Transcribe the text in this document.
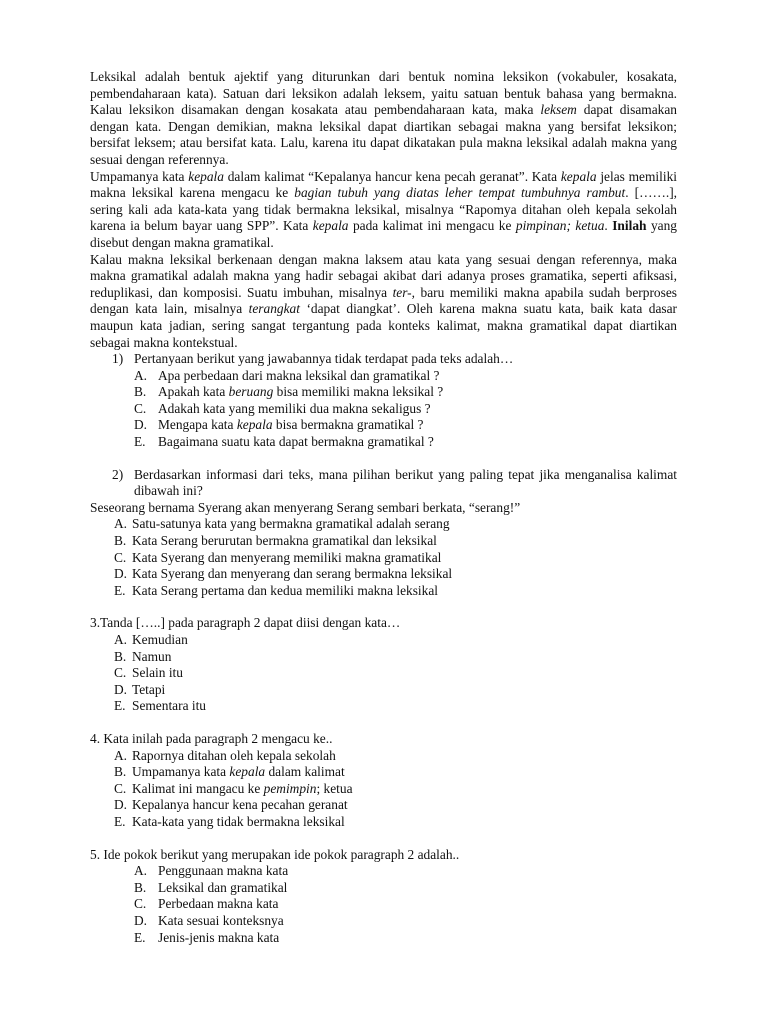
Leksikal adalah bentuk ajektif yang diturunkan dari bentuk nomina leksikon (vokabuler, kosakata, pembendaharaan kata). Satuan dari leksikon adalah leksem, yaitu satuan bentuk bahasa yang bermakna. Kalau leksikon disamakan dengan kosakata atau pembendaharaan kata, maka leksem dapat disamakan dengan kata. Dengan demikian, makna leksikal dapat diartikan sebagai makna yang bersifat leksikon; bersifat leksem; atau bersifat kata. Lalu, karena itu dapat dikatakan pula makna leksikal adalah makna yang sesuai dengan referennya.

Umpamanya kata kepala dalam kalimat “Kepalanya hancur kena pecah geranat”. Kata kepala jelas memiliki makna leksikal karena mengacu ke bagian tubuh yang diatas leher tempat tumbuhnya rambut. […….], sering kali ada kata-kata yang tidak bermakna leksikal, misalnya “Rapomya ditahan oleh kepala sekolah karena ia belum bayar uang SPP”. Kata kepala pada kalimat ini mengacu ke pimpinan; ketua. Inilah yang disebut dengan makna gramatikal.

Kalau makna leksikal berkenaan dengan makna laksem atau kata yang sesuai dengan referennya, maka makna gramatikal adalah makna yang hadir sebagai akibat dari adanya proses gramatika, seperti afiksasi, reduplikasi, dan komposisi. Suatu imbuhan, misalnya ter-, baru memiliki makna apabila sudah berproses dengan kata lain, misalnya terangkat ‘dapat diangkat’. Oleh karena makna suatu kata, baik kata dasar maupun kata jadian, sering sangat tergantung pada konteks kalimat, makna gramatikal dapat diartikan sebagai makna kontekstual.

1) Pertanyaan berikut yang jawabannya tidak terdapat pada teks adalah…
A. Apa perbedaan dari makna leksikal dan gramatikal ?
B. Apakah kata beruang bisa memiliki makna leksikal ?
C. Adakah kata yang memiliki dua makna sekaligus ?
D. Mengapa kata kepala bisa bermakna gramatikal ?
E. Bagaimana suatu kata dapat bermakna gramatikal ?
2) Berdasarkan informasi dari teks, mana pilihan berikut yang paling tepat jika menganalisa kalimat dibawah ini?

Seseorang bernama Syerang akan menyerang Serang sembari berkata, “serang!”

A. Satu-satunya kata yang bermakna gramatikal adalah serang
B. Kata Serang berurutan bermakna gramatikal dan leksikal
C. Kata Syerang dan menyerang memiliki makna gramatikal
D. Kata Syerang dan menyerang dan serang bermakna leksikal
E. Kata Serang pertama dan kedua memiliki makna leksikal

3.Tanda […..] pada paragraph 2 dapat diisi dengan kata…

A. Kemudian
B. Namun
C. Selain itu
D. Tetapi
E. Sementara itu

4. Kata inilah pada paragraph 2 mengacu ke..

A. Rapornya ditahan oleh kepala sekolah
B. Umpamanya kata kepala dalam kalimat
C. Kalimat ini mangacu ke pemimpin; ketua
D. Kepalanya hancur kena pecahan geranat
E. Kata-kata yang tidak bermakna leksikal

5. Ide pokok berikut yang merupakan ide pokok paragraph 2 adalah..

A. Penggunaan makna kata
B. Leksikal dan gramatikal
C. Perbedaan makna kata
D. Kata sesuai konteksnya
E. Jenis-jenis makna kata
